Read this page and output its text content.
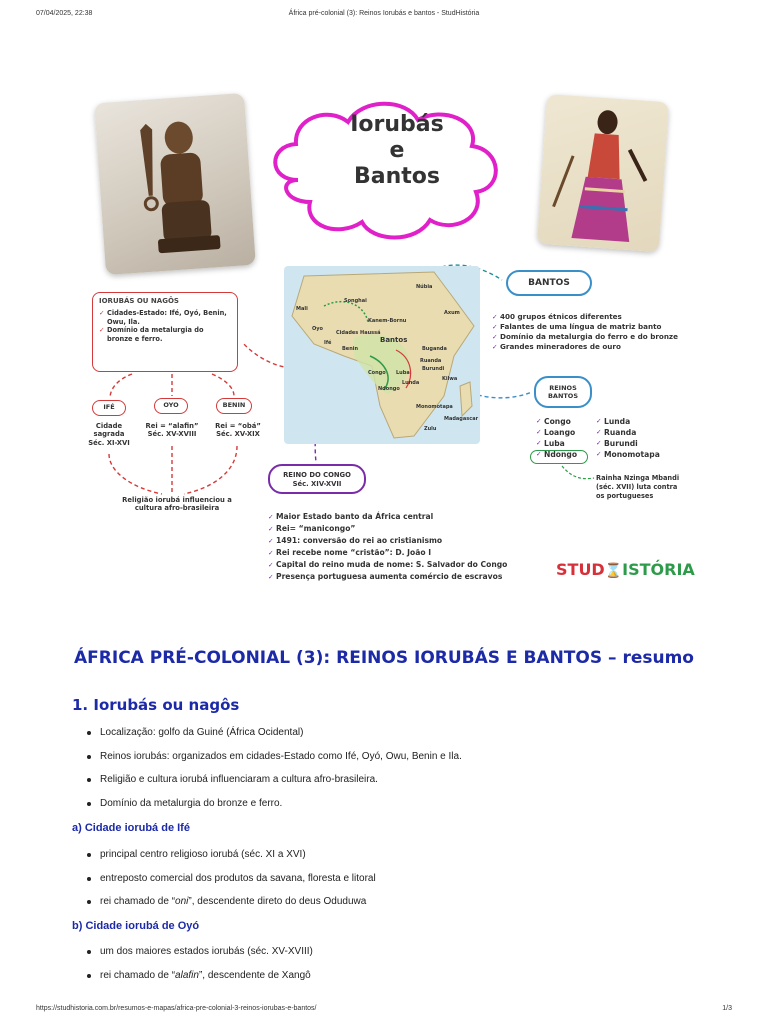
07/04/2025, 22:38	África pré-colonial (3): Reinos Iorubás e bantos - StudHistória
Iorubás
e
Bantos
Mali
Songhai
Kanem-Bornu
Cidades Haussá
Oyo
Ifé
Benin
Bantos
Congo Luba
Lunda
Ndongo
Monomotapa
Zulu
Buganda
Ruanda
Burundi
Kilwa
Axum
Núbia
Madagascar
IORUBÁS OU NAGÔS
✓ Cidades-Estado: Ifé, Oyó, Benin, Owu, Ila.
✓ Domínio da metalurgia do bronze e ferro.
IFÉ	OYO	BENIN
Cidade
sagrada
Séc. XI-XVI
Rei = “alafin”
Séc. XV-XVIII
Rei = “obá”
Séc. XV-XIX
Religião iorubá influenciou a
cultura afro-brasileira
BANTOS
✓ 400 grupos étnicos diferentes
✓ Falantes de uma língua de matriz banto
✓ Domínio da metalurgia do ferro e do bronze
✓ Grandes mineradores de ouro
REINOS
BANTOS
✓ Congo
✓ Loango
✓ Luba
✓ Ndongo
✓ Lunda
✓ Ruanda
✓ Burundi
✓ Monomotapa
Rainha Nzinga Mbandi
(séc. XVII) luta contra
os portugueses
REINO DO CONGO
Séc. XIV-XVII
✓ Maior Estado banto da África central
✓ Rei= “manicongo”
✓ 1491: conversão do rei ao cristianismo
✓ Rei recebe nome “cristão”: D. João I
✓ Capital do reino muda de nome: S. Salvador do Congo
✓ Presença portuguesa aumenta comércio de escravos	STUD⌛ISTÓRIA
ÁFRICA PRÉ-COLONIAL (3): REINOS IORUBÁS E BANTOS – resumo
1. Iorubás ou nagôs
Localização: golfo da Guiné (África Ocidental)
Reinos iorubás: organizados em cidades-Estado como Ifé, Oyó, Owu, Benin e Ila.
Religião e cultura iorubá influenciaram a cultura afro-brasileira.
Domínio da metalurgia do bronze e ferro.
a) Cidade iorubá de Ifé
principal centro religioso iorubá (séc. XI a XVI)
entreposto comercial dos produtos da savana, floresta e litoral
rei chamado de “oni”, descendente direto do deus Oduduwa
b) Cidade iorubá de Oyó
um dos maiores estados iorubás (séc. XV-XVIII)
rei chamado de “alafin”, descendente de Xangô
https://studhistoria.com.br/resumos-e-mapas/africa-pre-colonial-3-reinos-iorubas-e-bantos/	1/3
